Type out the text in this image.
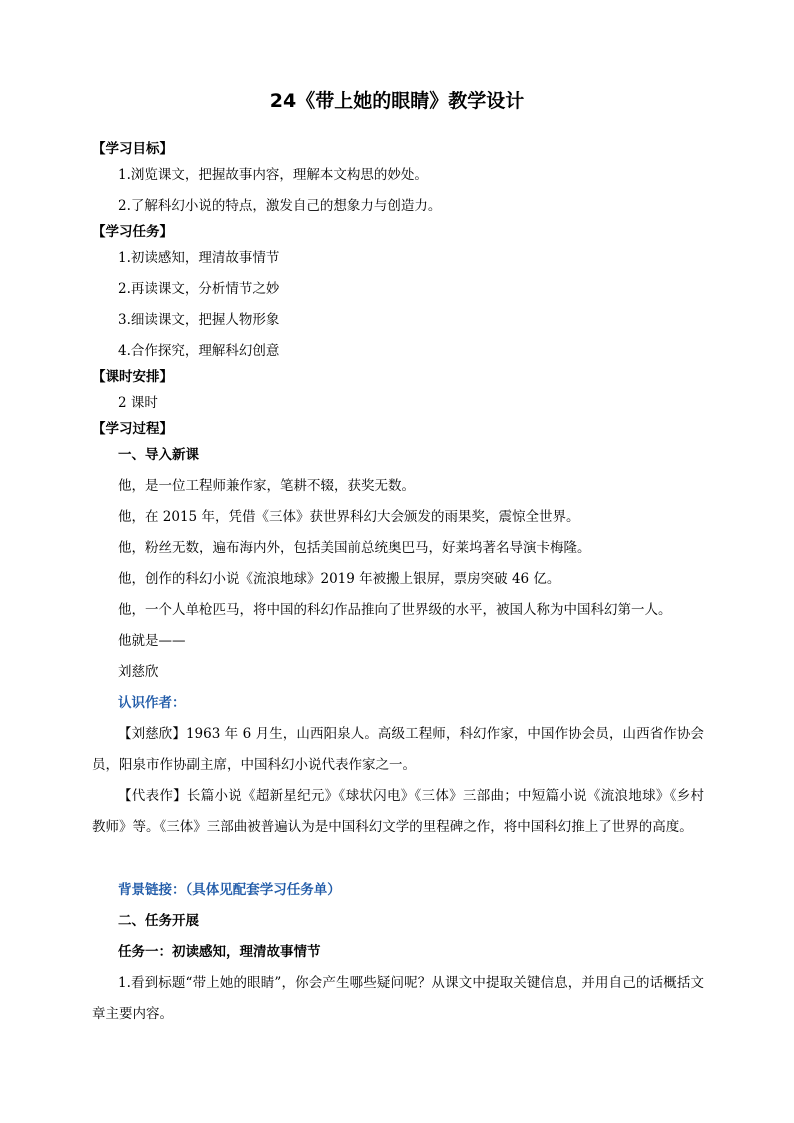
24《带上她的眼睛》教学设计
【学习目标】
1.浏览课文，把握故事内容，理解本文构思的妙处。
2.了解科幻小说的特点，激发自己的想象力与创造力。
【学习任务】
1.初读感知，理清故事情节
2.再读课文，分析情节之妙
3.细读课文，把握人物形象
4.合作探究，理解科幻创意
【课时安排】
2 课时
【学习过程】
一、导入新课
他，是一位工程师兼作家，笔耕不辍，获奖无数。
他，在 2015 年，凭借《三体》获世界科幻大会颁发的雨果奖，震惊全世界。
他，粉丝无数，遍布海内外，包括美国前总统奥巴马，好莱坞著名导演卡梅隆。
他，创作的科幻小说《流浪地球》2019 年被搬上银屏，票房突破 46 亿。
他，一个人单枪匹马，将中国的科幻作品推向了世界级的水平，被国人称为中国科幻第一人。
他就是——
刘慈欣
认识作者：
【刘慈欣】1963 年 6 月生，山西阳泉人。高级工程师，科幻作家，中国作协会员，山西省作协会员，阳泉市作协副主席，中国科幻小说代表作家之一。
【代表作】长篇小说《超新星纪元》《球状闪电》《三体》三部曲；中短篇小说《流浪地球》《乡村教师》等。《三体》三部曲被普遍认为是中国科幻文学的里程碑之作，将中国科幻推上了世界的高度。
背景链接：（具体见配套学习任务单）
二、任务开展
任务一：初读感知，理清故事情节
1.看到标题“带上她的眼睛”，你会产生哪些疑问呢？从课文中提取关键信息，并用自己的话概括文章主要内容。
